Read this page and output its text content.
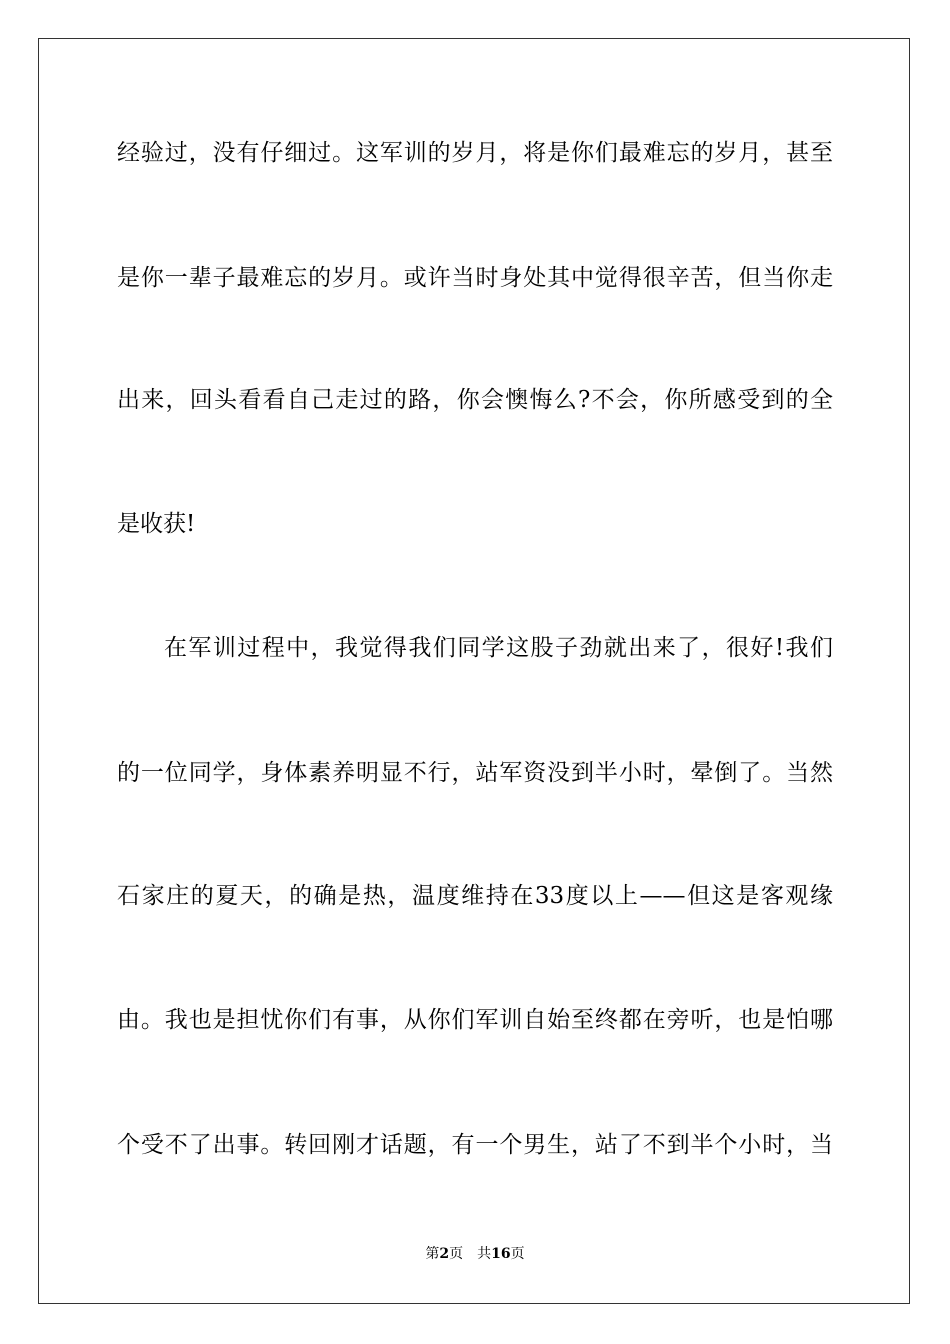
经验过，没有仔细过。这军训的岁月，将是你们最难忘的岁月，甚至
是你一辈子最难忘的岁月。或许当时身处其中觉得很辛苦，但当你走
出来，回头看看自己走过的路，你会懊悔么?不会，你所感受到的全
是收获!
在军训过程中，我觉得我们同学这股子劲就出来了，很好!我们
的一位同学，身体素养明显不行，站军资没到半小时，晕倒了。当然
石家庄的夏天，的确是热，温度维持在33度以上——但这是客观缘
由。我也是担忧你们有事，从你们军训自始至终都在旁听，也是怕哪
个受不了出事。转回刚才话题，有一个男生，站了不到半个小时，当
第2页 共16页
